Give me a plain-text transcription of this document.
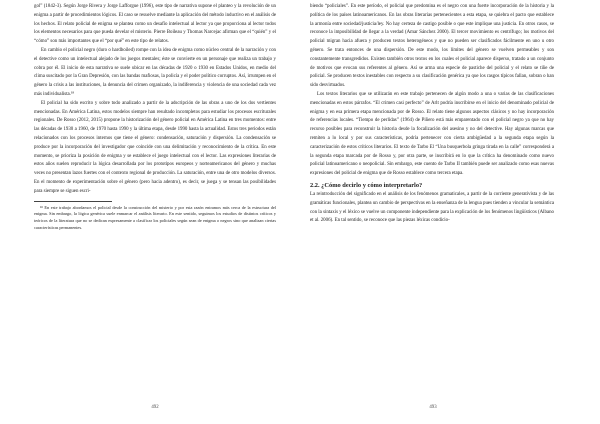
gol” (1842-3). Según Jorge Rivera y Jorge Lafforgue (1996), este tipo de narrativa supone el planteo y la revolución de un enigma a partir de procedimientos lógicos. El caso se resuelve mediante la aplicación del método inductivo en el análisis de los hechos. El relato policial de enigma se plantea como un desafío intelectual al lector ya que proporciona al lector todos los elementos necesarios para que pueda develar el misterio. Pierre Boileau y Thomas Narcejac afirman que el “quién” y el “cómo” son más importantes que el “por qué” en este tipo de relatos.

En cambio el policial negro (duro o hardboiled) rompe con la idea de enigma como núcleo central de la narración y con el detective como un intelectual alejado de los juegos mentales; éste se convierte en un personaje que realiza un trabajo y cobra por él. El inicio de esta narrativa se suele ubicar en las décadas de 1920 o 1930 en Estados Unidos, en medio del clima suscitado por la Gran Depresión, con las bandas mafiosas, la policía y el poder político corruptos. Así, irrumpen en el género la crisis a las instituciones, la denuncia del crimen organizado, la indiferencia y violencia de una sociedad cada vez más individualista.¹⁸

El policial ha sido escrito y sobre todo analizado a partir de la adscripción de las obras a uno de los dos vertientes mencionadas. En América Latina, estos modelos siempre han resultado incompletos para estudiar los procesos escriturales regionales. De Rosso (2012, 2015) propone la historización del género policial en América Latina en tres momentos: entre las décadas de 1930 a 1960, de 1970 hasta 1990 y la última etapa, desde 1990 hasta la actualidad. Estos tres periodos están relacionados con los procesos internos que tiene el género: condensación, saturación y dispersión. La condensación se produce por la incorporación del investigador que coincide con una delimitación y reconocimiento de la crítica. En este momento, se prioriza la posición de enigma y se establece el juego intelectual con el lector. Las expresiones literarias de estos años suelen reproducir la lógica desarrollada por los prototipos europeos y norteamericanos del género y muchas veces no presentan lazos fuertes con el contexto regional de producción. La saturación, entre una de otro modelos diversos. En el momento de experimentación sobre el género (pero hacia adentro), es decir, se juega y se tensan las posibilidades para siempre se siguen escri-

¹⁸ En este trabajo abordamos el policial desde la construcción del misterio y por esta razón entramos más cerca de la estructura del enigma. Sin embargo, la lógica genérica suele enmarcar el análisis literario. En este sentido, seguimos los estudios de distintos críticos y teóricos de la literatura que no se dedican expresamente a clasificar los policiales según sean de enigma o negros sino que analizan ciertas características permanentes.

492

biendo “policiales”. En este período, el policial que predomina es el negro con una fuerte incorporación de la historia y la política de los países latinoamericanos. En las obras literarias pertenecientes a esta etapa, se quiebra el pacto que establece la armonía entre sociedad/justicia/ley. No hay certeza de castigo posible o que este implique una justicia. En otros casos, se reconoce la imposibilidad de llegar a la verdad (Amar Sánchez 2000). El tercer movimiento es centrífugo; los motivos del policial migran hacia afuera y producen textos heterogéneos y que no pueden ser clasificados fácilmente en uno u otro género. Se trata entonces de una dispersión. De este modo, los límites del género se vuelven permeables y son constantemente transgredidos. Existen también otros textos en los cuales el policial aparece disperso, tratado a un conjunto de motivos que evocan sus referentes al género. Así se arma una especie de pastiche del policial y el relato se tiñe de policial. Se producen textos inestables con respecto a su clasificación genérica ya que los rasgos típicos fallan, sobran o han sido desvirtuados.

Los textos literarios que se utilizarán en este trabajo pertenecen de algún modo a una o varias de las clasificaciones mencionadas en estos párrafos. “El crimen casi perfecto” de Arlt podría inscribirse en el inicio del denominado policial de enigma y en esa primera etapa mencionada por de Rosso. El relato tiene algunos aspectos clásicos y no hay incorporación de referencias locales. “Tiempo de perlidas” (1964) de Piñero está más emparentado con el policial negro ya que no hay recurso posibles para reconstruir la historia desde la focalización del asesino y no del detective. Hay algunas marcas que remiten a lo local y por sus características, podría pertenecer con cierta ambigüedad a la segunda etapa según la caracterización de estos críticos literarios. El texto de Tarbo El “Una busquerbola gringa tirada en la calle” corresponderá a la segunda etapa marcada por de Rosso y, por otra parte, se inscribirá en lo que la crítica ha denominado como nuevo policial latinoamericano o neopolicial. Sin embargo, este cuento de Tarbo II también puede ser analizado como esas nuevas expresiones del policial de enigma que de Rosso establece como tercera etapa.

2.2. ¿Cómo decirlo y cómo interpretarlo?

La reintroducción del significado en el análisis de los fenómenos gramaticales, a partir de la corriente generativista y de las gramáticas funcionales, plantea un cambio de perspectivas en la enseñanza de la lengua pues tienden a vincular la semántica con la sintaxis y el léxico se vuelve un componente independiente para la explicación de los fenómenos lingüísticos (Albano et al. 2006). En tal sentido, se reconoce que las piezas léxicas condicio-

493
